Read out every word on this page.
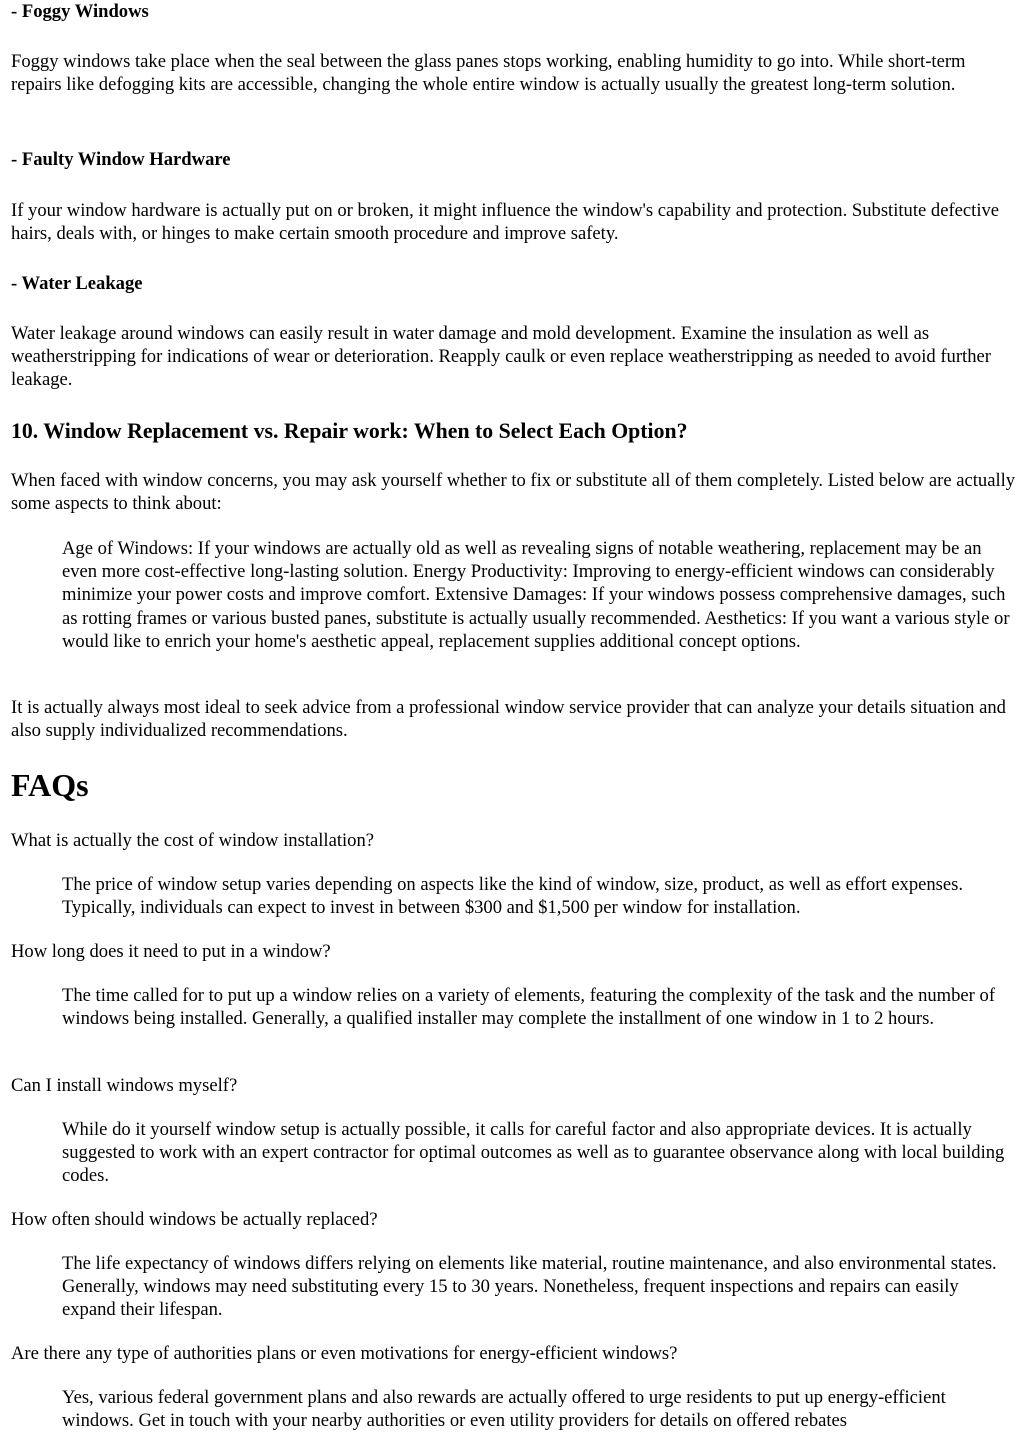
- Foggy Windows

Foggy windows take place when the seal between the glass panes stops working, enabling humidity to go into. While short-term repairs like defogging kits are accessible, changing the whole entire window is actually usually the greatest long-term solution.

- Faulty Window Hardware

If your window hardware is actually put on or broken, it might influence the window's capability and protection. Substitute defective hairs, deals with, or hinges to make certain smooth procedure and improve safety.

- Water Leakage

Water leakage around windows can easily result in water damage and mold development. Examine the insulation as well as weatherstripping for indications of wear or deterioration. Reapply caulk or even replace weatherstripping as needed to avoid further leakage.

10. Window Replacement vs. Repair work: When to Select Each Option?

When faced with window concerns, you may ask yourself whether to fix or substitute all of them completely. Listed below are actually some aspects to think about:

Age of Windows: If your windows are actually old as well as revealing signs of notable weathering, replacement may be an even more cost-effective long-lasting solution. Energy Productivity: Improving to energy-efficient windows can considerably minimize your power costs and improve comfort. Extensive Damages: If your windows possess comprehensive damages, such as rotting frames or various busted panes, substitute is actually usually recommended. Aesthetics: If you want a various style or would like to enrich your home's aesthetic appeal, replacement supplies additional concept options.

It is actually always most ideal to seek advice from a professional window service provider that can analyze your details situation and also supply individualized recommendations.

FAQs

What is actually the cost of window installation?

The price of window setup varies depending on aspects like the kind of window, size, product, as well as effort expenses. Typically, individuals can expect to invest in between $300 and $1,500 per window for installation.

How long does it need to put in a window?

The time called for to put up a window relies on a variety of elements, featuring the complexity of the task and the number of windows being installed. Generally, a qualified installer may complete the installment of one window in 1 to 2 hours.

Can I install windows myself?

While do it yourself window setup is actually possible, it calls for careful factor and also appropriate devices. It is actually suggested to work with an expert contractor for optimal outcomes as well as to guarantee observance along with local building codes.

How often should windows be actually replaced?

The life expectancy of windows differs relying on elements like material, routine maintenance, and also environmental states. Generally, windows may need substituting every 15 to 30 years. Nonetheless, frequent inspections and repairs can easily expand their lifespan.

Are there any type of authorities plans or even motivations for energy-efficient windows?

Yes, various federal government plans and also rewards are actually offered to urge residents to put up energy-efficient windows. Get in touch with your nearby authorities or even utility providers for details on offered rebates
